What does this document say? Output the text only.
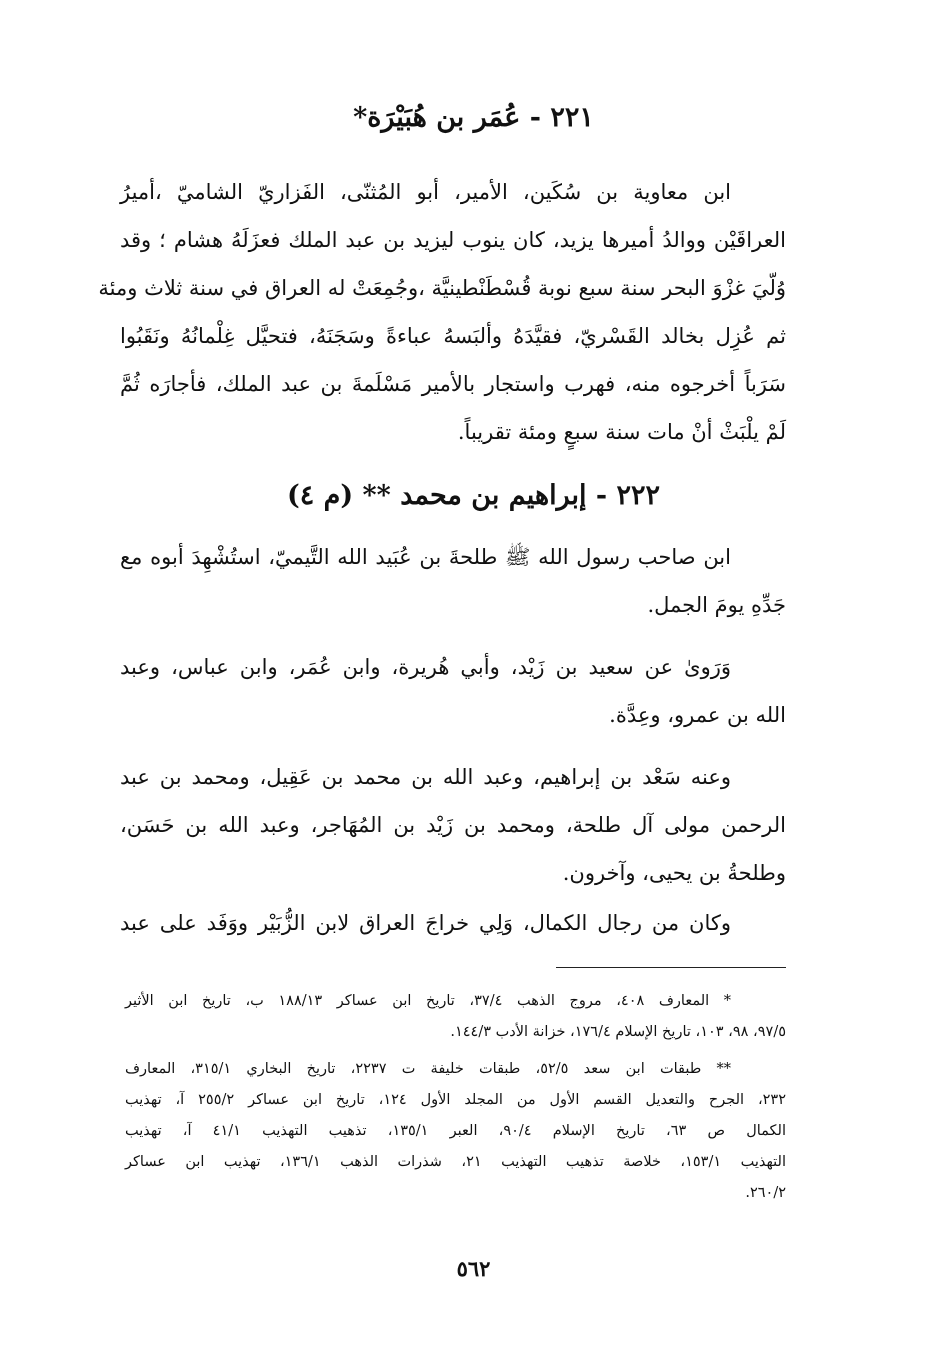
٢٢١ - عُمَر بن هُبَيْرَة*
ابن معاوية بن سُكَين، الأمير، أبو المُثنّى، الفَزاريّ الشاميّ ،أميرُ
العراقَيْن ووالدُ أميرها يزيد، كان ينوب ليزيد بن عبد الملك فعزَلَهُ هشام ؛ وقد
وُلّيَ غزْوَ البحر سنة سبع نوبة قُسْطَنْطينيَّة ،وجُمِعَتْ له العراق في سنة ثلاث ومئة
ثم عُزِل بخالد القَسْريّ، فقيَّدَهُ وألبَسهُ عباءةً وسَجَنَهُ، فتحيَّل غِلْمانُهُ ونَقَبُوا
سَرَباً أخرجوه منه، فهرب واستجار بالأمير مَسْلَمةَ بن عبد الملك، فأجارَه ثُمَّ
لَمْ يلْبَثْ أنْ مات سنة سبعٍ ومئة تقريباً.
٢٢٢ - إبراهيم بن محمد ** (م ٤)
ابن صاحب رسول الله ﷺ طلحةَ بن عُبَيد الله التَّيميّ، استُشْهِدَ أبوه مع
جَدِّهِ يومَ الجمل.
وَرَوىٰ عن سعيد بن زَيْد، وأبي هُريرة، وابن عُمَر، وابن عباس، وعبد
الله بن عمرو، وعِدَّة.
وعنه سَعْد بن إبراهيم، وعبد الله بن محمد بن عَقِيل، ومحمد بن عبد
الرحمن مولى آل طلحة، ومحمد بن زَيْد بن المُهَاجر، وعبد الله بن حَسَن،
وطلحةُ بن يحيى، وآخرون.
وكان من رجال الكمال، وَلِي خراجَ العراق لابن الزُّبَيْر ووَفَد على عبد
* المعارف ٤٠٨، مروج الذهب ٣٧/٤، تاريخ ابن عساكر ١٨٨/١٣ ب، تاريخ ابن الأثير
٩٧/٥، ٩٨، ١٠٣، تاريخ الإسلام ١٧٦/٤، خزانة الأدب ١٤٤/٣.
** طبقات ابن سعد ٥٢/٥، طبقات خليفة ت ٢٢٣٧، تاريخ البخاري ٣١٥/١، المعارف
٢٣٢، الجرح والتعديل القسم الأول من المجلد الأول ١٢٤، تاريخ ابن عساكر ٢٥٥/٢ آ، تهذيب
الكمال ص ٦٣، تاريخ الإسلام ٩٠/٤، العبر ١٣٥/١، تذهيب التهذيب ٤١/١ آ، تهذيب
التهذيب ١٥٣/١، خلاصة تذهيب التهذيب ٢١، شذرات الذهب ١٣٦/١، تهذيب ابن عساكر
٢٦٠/٢.
٥٦٢
